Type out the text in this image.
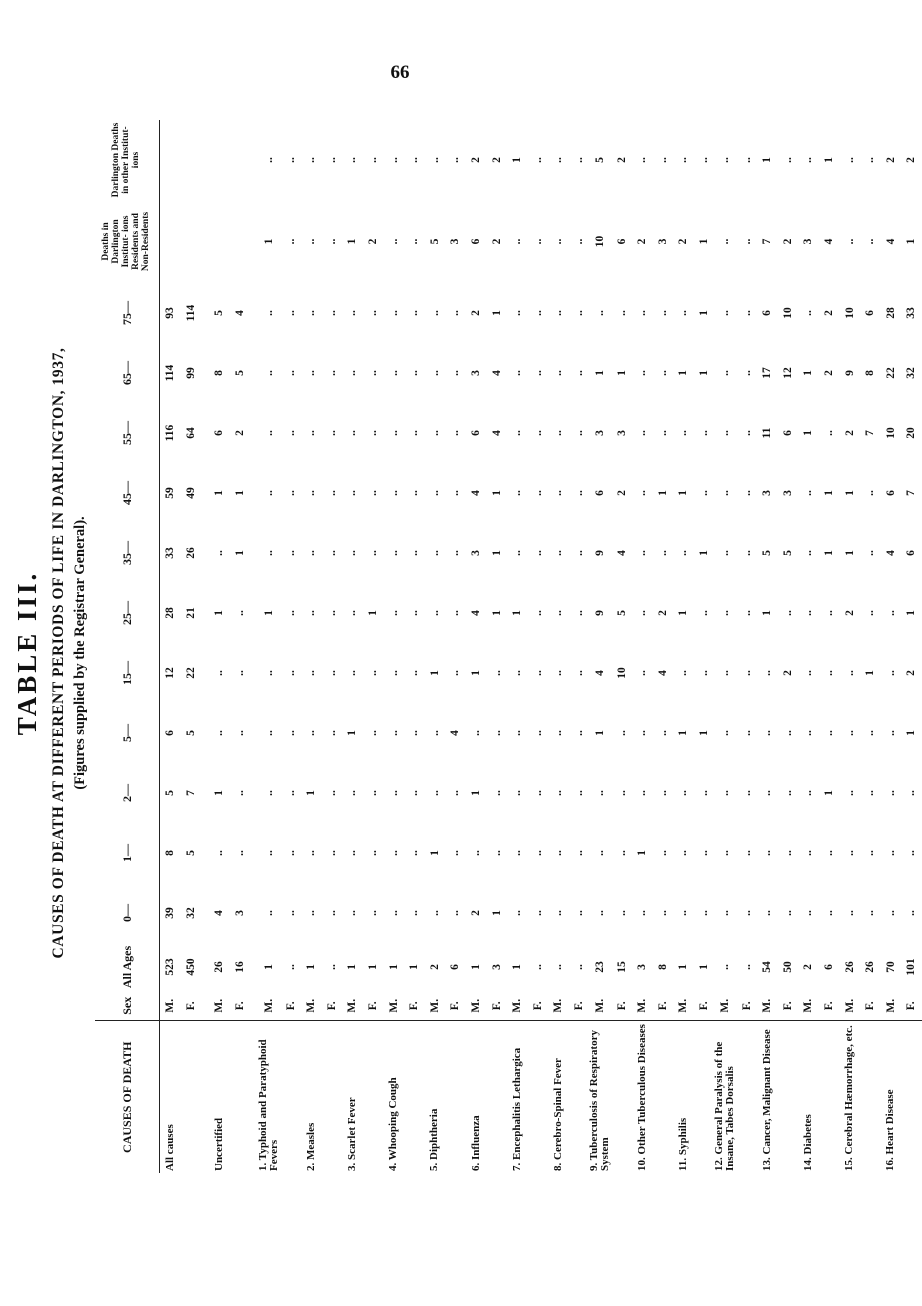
66
TABLE III. CAUSES OF DEATH AT DIFFERENT PERIODS OF LIFE IN DARLINGTON, 1937, (Figures supplied by the Registrar General).
CAUSES OF DEATH	Sex	All Ages	0—	1—	2—	5—	15—	25—	35—	45—	55—	65—	75—	Deaths in Darlington Institut- ions Residents and Non-Residents	Darlington Deaths in other Institut- ions
All causes	M.	523	39	8	5	6	12	28	33	59	116	114	93		
	F.	450	32	5	7	5	22	21	26	49	64	99	114		

Uncertified	M.	26	4	..	1	..	..	1	..	1	6	8	5		
	F.	16	3	..	..	..	..	..	1	1	2	5	4		

1. Typhoid and Paratyphoid Fevers	M.	1	..	..	..	..	..	1	..	..	..	..	..	1	..
	F.	..	..	..	..	..	..	..	..	..	..	..	..	..	..
2. Measles	M.	1	..	..	1	..	..	..	..	..	..	..	..	..	..
	F.	..	..	..	..	..	..	..	..	..	..	..	..	..	..
3. Scarlet Fever	M.	1	..	..	..	1	..	..	..	..	..	..	..	1	..
	F.	1	..	..	..	..	..	1	..	..	..	..	..	2	..
4. Whooping Cough	M.	1	..	..	..	..	..	..	..	..	..	..	..	..	..
	F.	1	..	..	..	..	..	..	..	..	..	..	..	..	..
5. Diphtheria	M.	2	..	1	..	..	1	..	..	..	..	..	..	5	..
	F.	6	..	..	..	4	..	..	..	..	..	..	..	3	..
6. Influenza	M.	1	2	..	1	..	1	4	3	4	6	3	2	6	2
	F.	3	1	..	..	..	..	1	1	1	4	4	1	2	2
7. Encephalitis Lethargica	M.	1	..	..	..	..	..	1	..	..	..	..	..	..	1
	F.	..	..	..	..	..	..	..	..	..	..	..	..	..	..
8. Cerebro-Spinal Fever	M.	..	..	..	..	..	..	..	..	..	..	..	..	..	..
	F.	..	..	..	..	..	..	..	..	..	..	..	..	..	..
9. Tuberculosis of Respiratory System	M.	23	..	..	..	1	4	9	9	6	3	1	..	10	5
	F.	15	..	..	..	..	10	5	4	2	3	1	..	6	2
10. Other Tuberculous Diseases	M.	3	..	1	..	..	..	..	..	..	..	..	..	2	..
	F.	8	..	..	..	..	4	2	..	1	..	..	..	3	..
11. Syphilis	M.	1	..	..	..	1	..	1	..	1	..	1	..	2	..
	F.	1	..	..	..	1	..	..	1	..	..	1	1	1	..
12. General Paralysis of the Insane, Tabes Dorsalis	M.	..	..	..	..	..	..	..	..	..	..	..	..	..	..
	F.	..	..	..	..	..	..	..	..	..	..	..	..	..	..
13. Cancer, Malignant Disease	M.	54	..	..	..	..	..	1	5	3	11	17	6	7	1
	F.	50	..	..	..	..	2	..	5	3	6	12	10	2	..
14. Diabetes	M.	2	..	..	..	..	..	..	..	..	1	1	..	3	..
	F.	6	..	..	1	..	..	..	1	1	..	2	2	4	1
15. Cerebral Hæmorrhage, etc.	M.	26	..	..	..	..	..	2	1	1	2	9	10	..	..
	F.	26	..	..	..	..	1	..	..	..	7	8	6	..	..
16. Heart Disease	M.	70	..	..	..	..	..	..	4	6	10	22	28	4	2
	F.	101	..	..	..	1	2	1	6	7	20	32	33	1	2
